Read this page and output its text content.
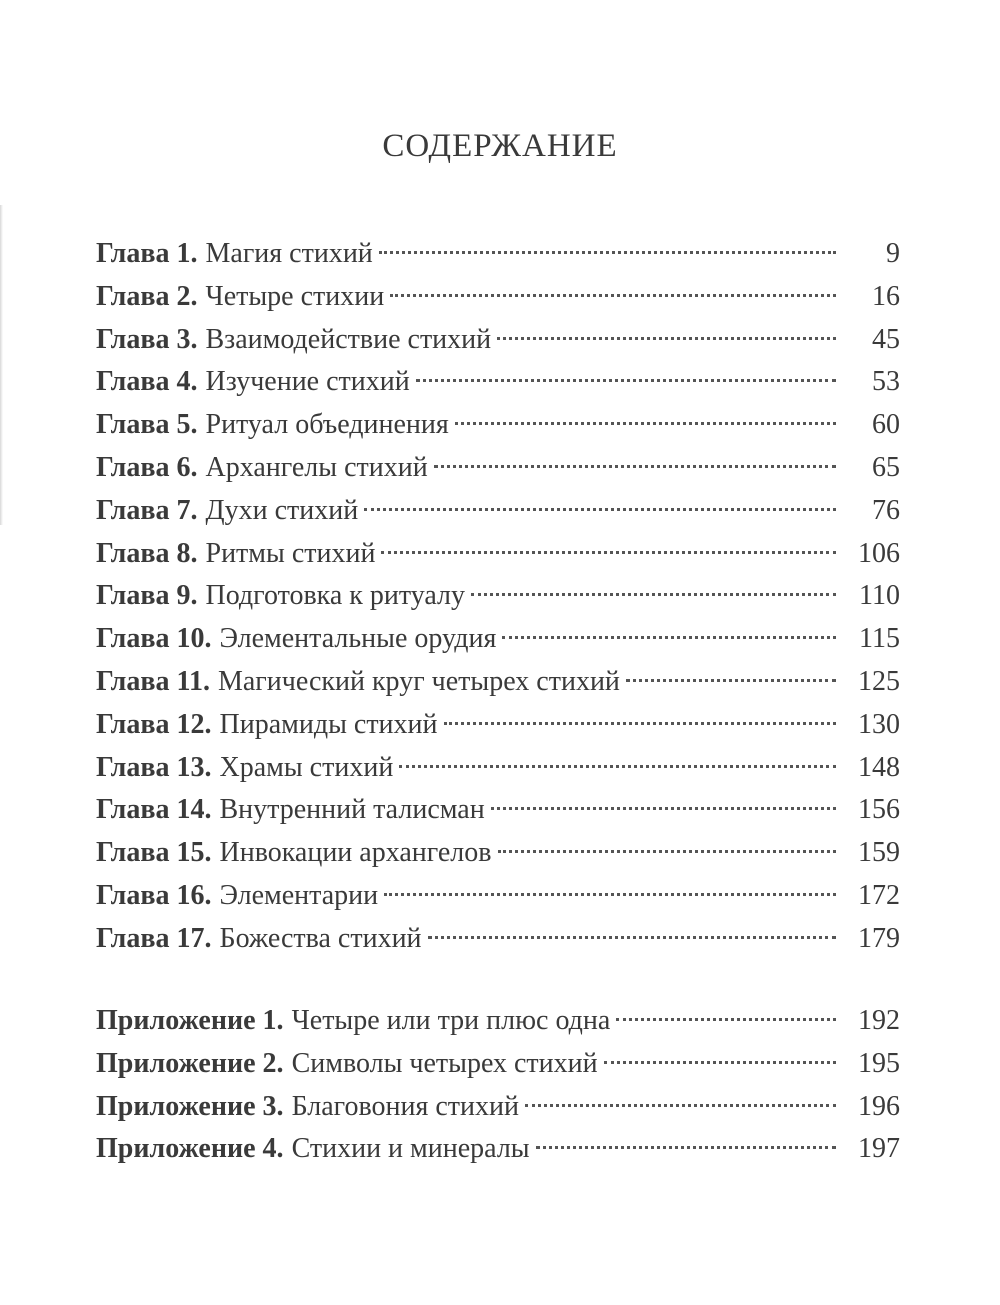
СОДЕРЖАНИЕ
Глава 1. Магия стихий	9
Глава 2. Четыре стихии	16
Глава 3. Взаимодействие стихий	45
Глава 4. Изучение стихий	53
Глава 5. Ритуал объединения	60
Глава 6. Архангелы стихий	65
Глава 7. Духи стихий	76
Глава 8. Ритмы стихий	106
Глава 9. Подготовка к ритуалу	110
Глава 10. Элементальные орудия	115
Глава 11. Магический круг четырех стихий	125
Глава 12. Пирамиды стихий	130
Глава 13. Храмы стихий	148
Глава 14. Внутренний талисман	156
Глава 15. Инвокации архангелов	159
Глава 16. Элементарии	172
Глава 17. Божества стихий	179
Приложение 1. Четыре или три плюс одна	192
Приложение 2. Символы четырех стихий	195
Приложение 3. Благовония стихий	196
Приложение 4. Стихии и минералы	197
